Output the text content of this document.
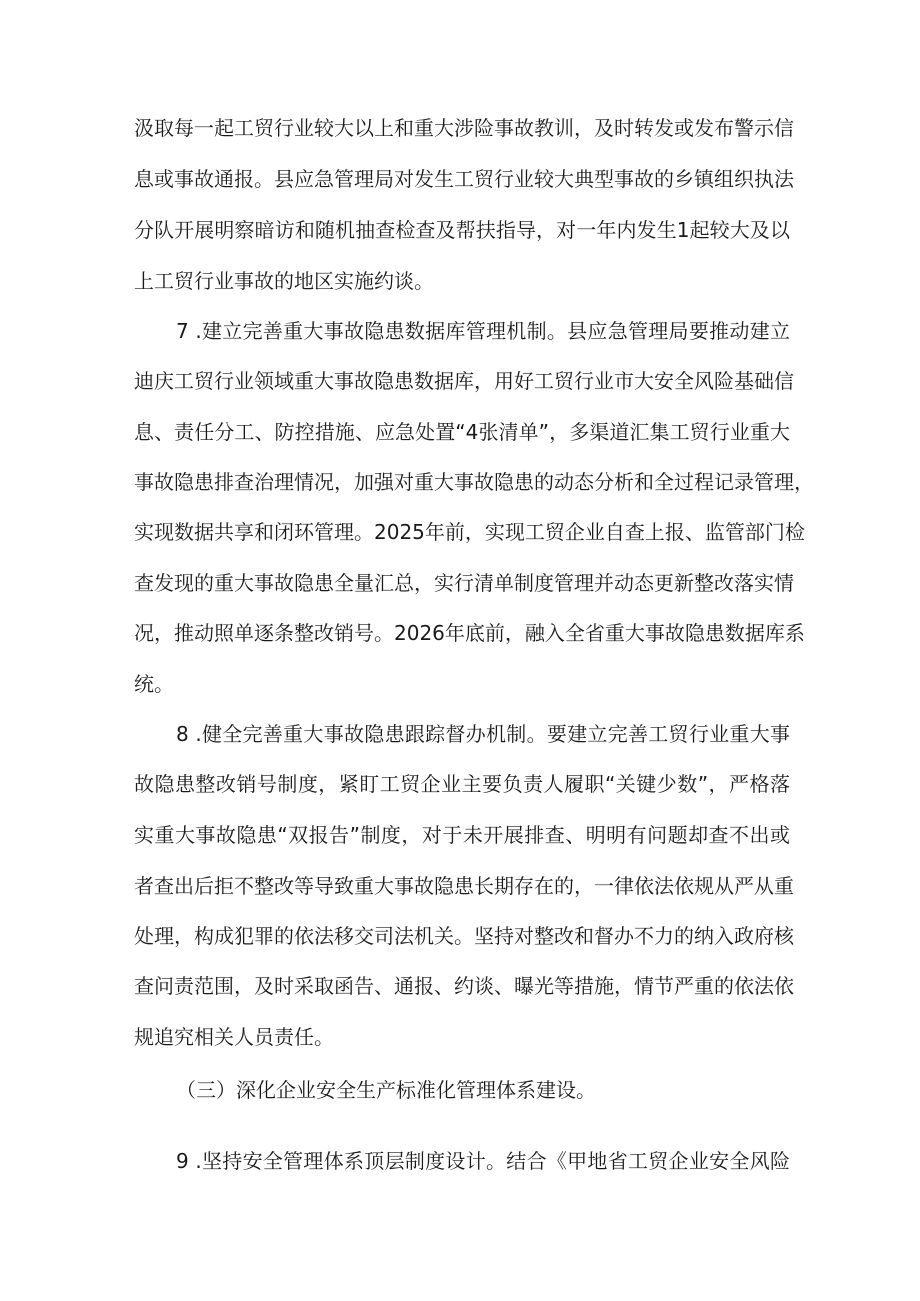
汲取每一起工贸行业较大以上和重大涉险事故教训，及时转发或发布警示信
息或事故通报。县应急管理局对发生工贸行业较大典型事故的乡镇组织执法
分队开展明察暗访和随机抽查检查及帮扶指导，对一年内发生1起较大及以
上工贸行业事故的地区实施约谈。
7 .建立完善重大事故隐患数据库管理机制。县应急管理局要推动建立
迪庆工贸行业领域重大事故隐患数据库，用好工贸行业市大安全风险基础信
息、责任分工、防控措施、应急处置“4张清单”，多渠道汇集工贸行业重大
事故隐患排查治理情况，加强对重大事故隐患的动态分析和全过程记录管理，
实现数据共享和闭环管理。2025年前，实现工贸企业自查上报、监管部门检
查发现的重大事故隐患全量汇总，实行清单制度管理并动态更新整改落实情
况，推动照单逐条整改销号。2026年底前，融入全省重大事故隐患数据库系
统。
8 .健全完善重大事故隐患跟踪督办机制。要建立完善工贸行业重大事
故隐患整改销号制度，紧盯工贸企业主要负责人履职“关键少数”，严格落
实重大事故隐患“双报告”制度，对于未开展排查、明明有问题却查不出或
者查出后拒不整改等导致重大事故隐患长期存在的，一律依法依规从严从重
处理，构成犯罪的依法移交司法机关。坚持对整改和督办不力的纳入政府核
查问责范围，及时采取函告、通报、约谈、曝光等措施，情节严重的依法依
规追究相关人员责任。
（三）深化企业安全生产标准化管理体系建设。
9 .坚持安全管理体系顶层制度设计。结合《甲地省工贸企业安全风险
